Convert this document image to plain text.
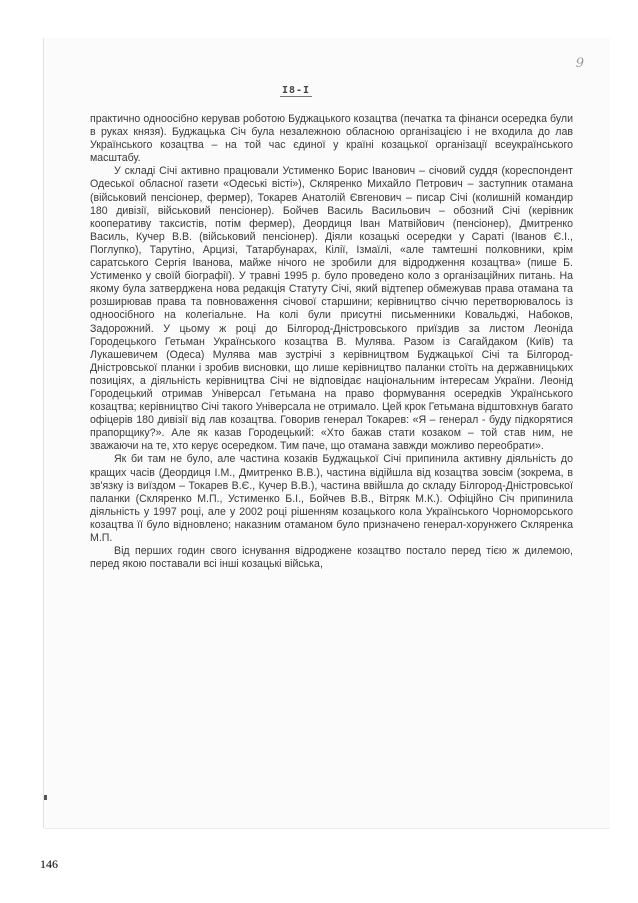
9
I8-I

практично одноосібно керував роботою Буджацького козацтва (печатка та фінанси осередка були в руках князя). Буджацька Січ була незалежною обласною організацією і не входила до лав Українського козацтва – на той час єдиної у країні козацької організації всеукраїнського масштабу.

У складі Січі активно працювали Устименко Борис Іванович – січовий суддя (кореспондент Одеської обласної газети «Одеські вісті»), Скляренко Михайло Петрович – заступник отамана (військовий пенсіонер, фермер), Токарев Анатолій Євгенович – писар Січі (колишній командир 180 дивізії, військовий пенсіонер). Бойчев Василь Васильович – обозний Січі (керівник кооперативу таксистів, потім фермер), Деордиця Іван Матвійович (пенсіонер), Дмитренко Василь, Кучер В.В. (військовий пенсіонер). Діяли козацькі осередки у Сараті (Іванов Є.І., Поглупко), Тарутіно, Арцизі, Татарбунарах, Кілії, Ізмаїлі, «але тамтешні полковники, крім саратського Сергія Іванова, майже нічого не зробили для відродження козацтва» (пише Б. Устименко у своїй біографії). У травні 1995 р. було проведено коло з організаційних питань. На якому була затверджена нова редакція Статуту Січі, який відтепер обмежував права отамана та розширював права та повноваження січової старшини; керівництво січчю перетворювалось із одноосібного на колегіальне. На колі були присутні письменники Ковальджі, Набоков, Задорожний. У цьому ж році до Білгород-Дністровського приїздив за листом Леоніда Городецького Гетьман Українського козацтва В. Мулява. Разом із Сагайдаком (Київ) та Лукашевичем (Одеса) Мулява мав зустрічі з керівництвом Буджацької Січі та Білгород-Дністровської планки і зробив висновки, що лише керівництво паланки стоїть на державницьких позиціях, а діяльність керівництва Січі не відповідає національним інтересам України. Леонід Городецький отримав Універсал Гетьмана на право формування осередків Українського козацтва; керівництво Січі такого Універсала не отримало. Цей крок Гетьмана відштовхнув багато офіцерів 180 дивізії від лав козацтва. Говорив генерал Токарев: «Я – генерал - буду підкорятися прапорщику?». Але як казав Городецький: «Хто бажав стати козаком – той став ним, не зважаючи на те, хто керує осередком. Тим паче, що отамана завжди можливо переобрати».

Як би там не було, але частина козаків Буджацької Січі припинила активну діяльність до кращих часів (Деордиця І.М., Дмитренко В.В.), частина відійшла від козацтва зовсім (зокрема, в зв'язку із виїздом – Токарев В.Є., Кучер В.В.), частина ввійшла до складу Білгород-Дністровської паланки (Скляренко М.П., Устименко Б.І., Бойчев В.В., Вітряк М.К.). Офіційно Січ припинила діяльність у 1997 році, але у 2002 році рішенням козацького кола Українського Чорноморського козацтва її було відновлено; наказним отаманом було призначено генерал-хорунжего Скляренка М.П.

Від перших годин свого існування відроджене козацтво постало перед тією ж дилемою, перед якою поставали всі інші козацькі війська,

146
